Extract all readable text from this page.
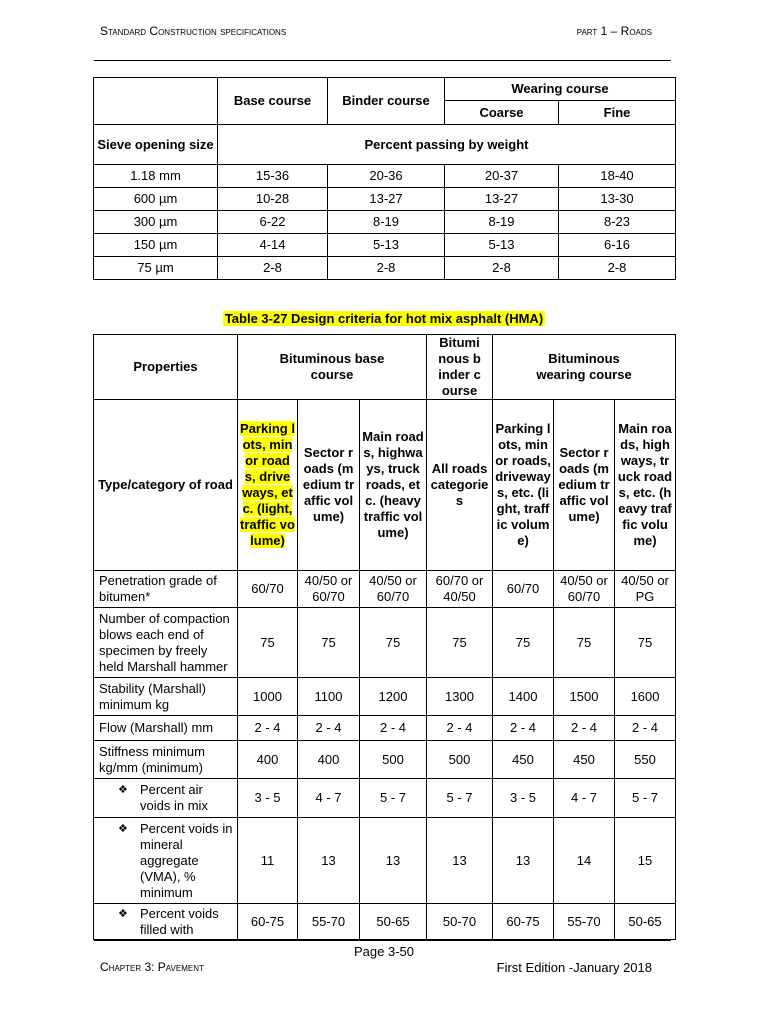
Standard Construction specifications	part 1 – Roads
	Base course	Binder course	Wearing course	
			Coarse	Fine
Sieve opening size	Percent passing by weight			
1.18 mm	15-36	20-36	20-37	18-40
600 µm	10-28	13-27	13-27	13-30
300 µm	6-22	8-19	8-19	8-23
150 µm	4-14	5-13	5-13	6-16
75 µm	2-8	2-8	2-8	2-8
Table 3-27 Design criteria for hot mix asphalt (HMA)
Properties	Bituminous base course			Bituminous binder course	Bituminous wearing course		

Type/category of road	Parking lots, minor roads, driveways, etc. (light, traffic volume)	Sector roads (medium traffic volume)	Main roads, highways, truck roads, etc. (heavy traffic volume)	All roads categories	Parking lots, minor roads, driveways, etc. (light, traffic volume)	Sector roads (medium traffic volume)	Main roads, highways, truck roads, etc. (heavy traffic volume)
Penetration grade of bitumen*	60/70	40/50 or 60/70	40/50 or 60/70	60/70 or 40/50	60/70	40/50 or 60/70	40/50 or PG
Number of compaction blows each end of specimen by freely held Marshall hammer	75	75	75	75	75	75	75
Stability (Marshall) minimum kg	1000	1100	1200	1300	1400	1500	1600
Flow (Marshall) mm	2 - 4	2 - 4	2 - 4	2 - 4	2 - 4	2 - 4	2 - 4
Stiffness minimum kg/mm (minimum)	400	400	500	500	450	450	550

❖ Percent air voids in mix	3 - 5	4 - 7	5 - 7	5 - 7	3 - 5	4 - 7	5 - 7

❖ Percent voids in mineral aggregate (VMA), % minimum	11	13	13	13	13	14	15

❖ Percent voids filled with	60-75	55-70	50-65	50-70	60-75	55-70	50-65
Page 3-50
Chapter 3: Pavement	First Edition -January 2018
